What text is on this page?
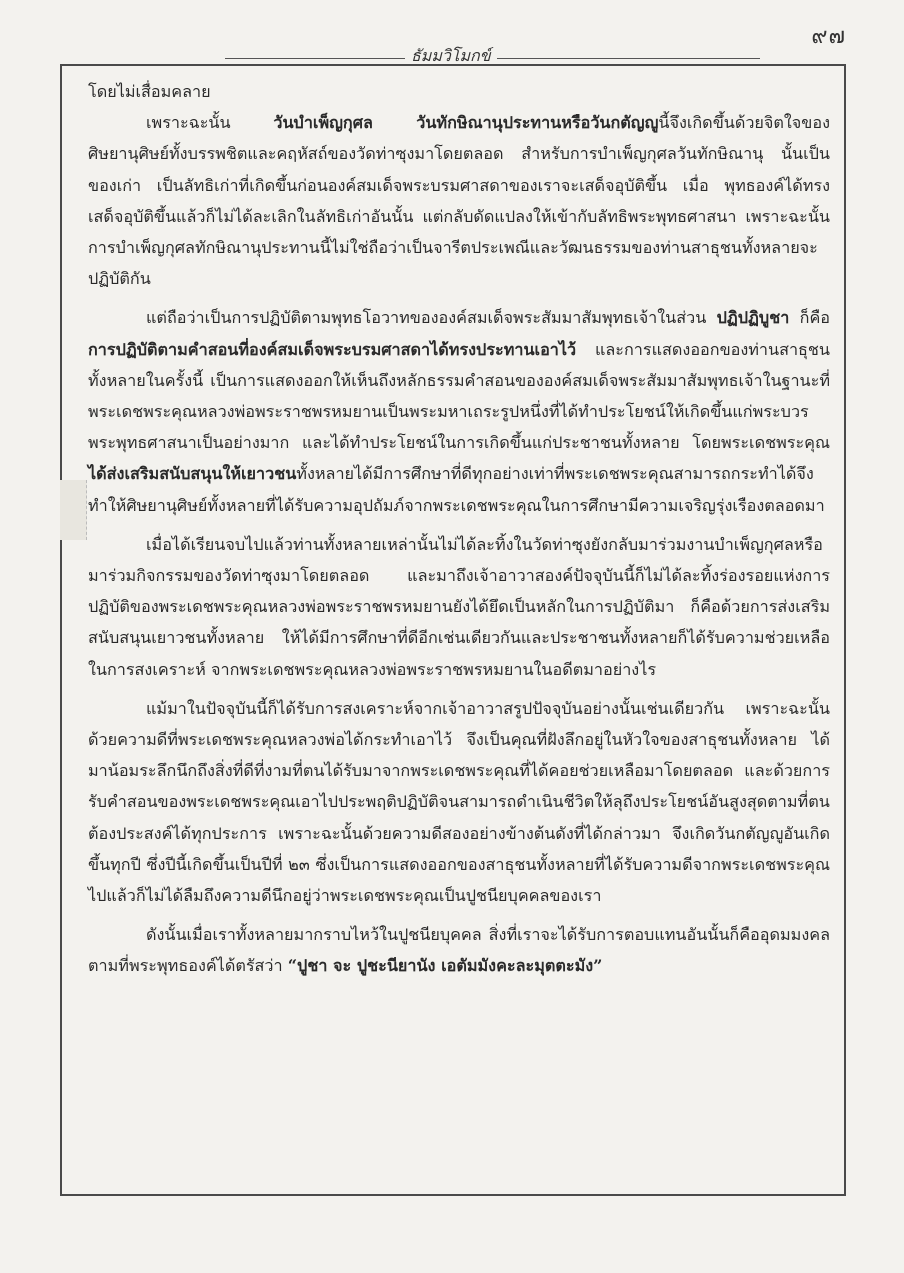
๙๗
ธัมมวิโมกข์

โดยไม่เสื่อมคลาย

เพราะฉะนั้น วันบำเพ็ญกุศล วันทักษิณานุประทานหรือวันกตัญญูนี้จึงเกิดขึ้นด้วยจิตใจของศิษยานุศิษย์ทั้งบรรพชิตและคฤหัสถ์ของวัดท่าซุงมาโดยตลอด สำหรับการบำเพ็ญกุศลวันทักษิณานุ นั้นเป็นของเก่า เป็นลัทธิเก่าที่เกิดขึ้นก่อนองค์สมเด็จพระบรมศาสดาของเราจะเสด็จอุบัติขึ้น เมื่อ พุทธองค์ได้ทรงเสด็จอุบัติขึ้นแล้วก็ไม่ได้ละเลิกในลัทธิเก่าอันนั้น แต่กลับดัดแปลงให้เข้ากับลัทธิพระพุทธศาสนา เพราะฉะนั้นการบำเพ็ญกุศลทักษิณานุประทานนี้ไม่ใช่ถือว่าเป็นจารีตประเพณีและวัฒนธรรมของท่านสาธุชนทั้งหลายจะปฏิบัติกัน

แต่ถือว่าเป็นการปฏิบัติตามพุทธโอวาทขององค์สมเด็จพระสัมมาสัมพุทธเจ้าในส่วน ปฏิปฏิบูชา ก็คือการปฏิบัติตามคำสอนที่องค์สมเด็จพระบรมศาสดาได้ทรงประทานเอาไว้ และการแสดงออกของท่านสาธุชนทั้งหลายในครั้งนี้ เป็นการแสดงออกให้เห็นถึงหลักธรรมคำสอนขององค์สมเด็จพระสัมมาสัมพุทธเจ้าในฐานะที่พระเดชพระคุณหลวงพ่อพระราชพรหมยานเป็นพระมหาเถระรูปหนึ่งที่ได้ทำประโยชน์ให้เกิดขึ้นแก่พระบวรพระพุทธศาสนาเป็นอย่างมาก และได้ทำประโยชน์ในการเกิดขึ้นแก่ประชาชนทั้งหลาย โดยพระเดชพระคุณได้ส่งเสริมสนับสนุนให้เยาวชนทั้งหลายได้มีการศึกษาที่ดีทุกอย่างเท่าที่พระเดชพระคุณสามารถกระทำได้จึงทำให้ศิษยานุศิษย์ทั้งหลายที่ได้รับความอุปถัมภ์จากพระเดชพระคุณในการศึกษามีความเจริญรุ่งเรืองตลอดมา

เมื่อได้เรียนจบไปแล้วท่านทั้งหลายเหล่านั้นไม่ได้ละทิ้งในวัดท่าซุงยังกลับมาร่วมงานบำเพ็ญกุศลหรือมาร่วมกิจกรรมของวัดท่าซุงมาโดยตลอด และมาถึงเจ้าอาวาสองค์ปัจจุบันนี้ก็ไม่ได้ละทิ้งร่องรอยแห่งการปฏิบัติของพระเดชพระคุณหลวงพ่อพระราชพรหมยานยังได้ยึดเป็นหลักในการปฏิบัติมา ก็คือด้วยการส่งเสริมสนับสนุนเยาวชนทั้งหลาย ให้ได้มีการศึกษาที่ดีอีกเช่นเดียวกันและประชาชนทั้งหลายก็ได้รับความช่วยเหลือในการสงเคราะห์ จากพระเดชพระคุณหลวงพ่อพระราชพรหมยานในอดีตมาอย่างไร

แม้มาในปัจจุบันนี้ก็ได้รับการสงเคราะห์จากเจ้าอาวาสรูปปัจจุบันอย่างนั้นเช่นเดียวกัน เพราะฉะนั้นด้วยความดีที่พระเดชพระคุณหลวงพ่อได้กระทำเอาไว้ จึงเป็นคุณที่ฝังลึกอยู่ในหัวใจของสาธุชนทั้งหลาย ได้มาน้อมระลึกนึกถึงสิ่งที่ดีที่งามที่ตนได้รับมาจากพระเดชพระคุณที่ได้คอยช่วยเหลือมาโดยตลอด และด้วยการรับคำสอนของพระเดชพระคุณเอาไปประพฤติปฏิบัติจนสามารถดำเนินชีวิตให้ลุถึงประโยชน์อันสูงสุดตามที่ตนต้องประสงค์ได้ทุกประการ เพราะฉะนั้นด้วยความดีสองอย่างข้างต้นดังที่ได้กล่าวมา จึงเกิดวันกตัญญูอันเกิดขึ้นทุกปี ซึ่งปีนี้เกิดขึ้นเป็นปีที่ ๒๓ ซึ่งเป็นการแสดงออกของสาธุชนทั้งหลายที่ได้รับความดีจากพระเดชพระคุณไปแล้วก็ไม่ได้ลืมถึงความดีนึกอยู่ว่าพระเดชพระคุณเป็นปูชนียบุคคลของเรา

ดังนั้นเมื่อเราทั้งหลายมากราบไหว้ในปูชนียบุคคล สิ่งที่เราจะได้รับการตอบแทนอันนั้นก็คืออุดมมงคลตามที่พระพุทธองค์ได้ตรัสว่า “ปูชา จะ ปูชะนียานัง เอตัมมังคะละมุตตะมัง”
